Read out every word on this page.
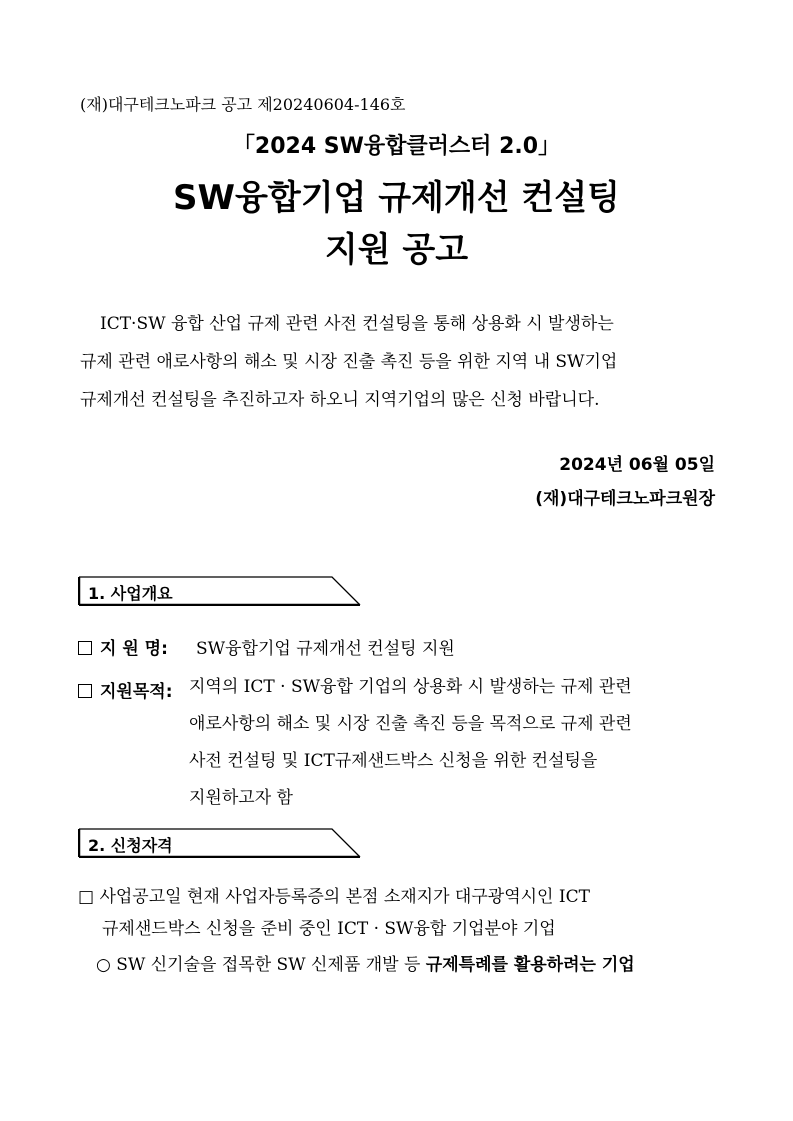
(재)대구테크노파크 공고 제20240604-146호
「2024 SW융합클러스터 2.0」
SW융합기업 규제개선 컨설팅
지원 공고
ICT·SW 융합 산업 규제 관련 사전 컨설팅을 통해 상용화 시 발생하는
규제 관련 애로사항의 해소 및 시장 진출 촉진 등을 위한 지역 내 SW기업
규제개선 컨설팅을 추진하고자 하오니 지역기업의 많은 신청 바랍니다.
2024년 06월 05일
(재)대구테크노파크원장
1. 사업개요
지 원 명: SW융합기업 규제개선 컨설팅 지원
지원목적: 지역의 ICT · SW융합 기업의 상용화 시 발생하는 규제 관련
애로사항의 해소 및 시장 진출 촉진 등을 목적으로 규제 관련
사전 컨설팅 및 ICT규제샌드박스 신청을 위한 컨설팅을
지원하고자 함
2. 신청자격
□ 사업공고일 현재 사업자등록증의 본점 소재지가 대구광역시인 ICT
규제샌드박스 신청을 준비 중인 ICT · SW융합 기업분야 기업
○ SW 신기술을 접목한 SW 신제품 개발 등 규제특례를 활용하려는 기업
